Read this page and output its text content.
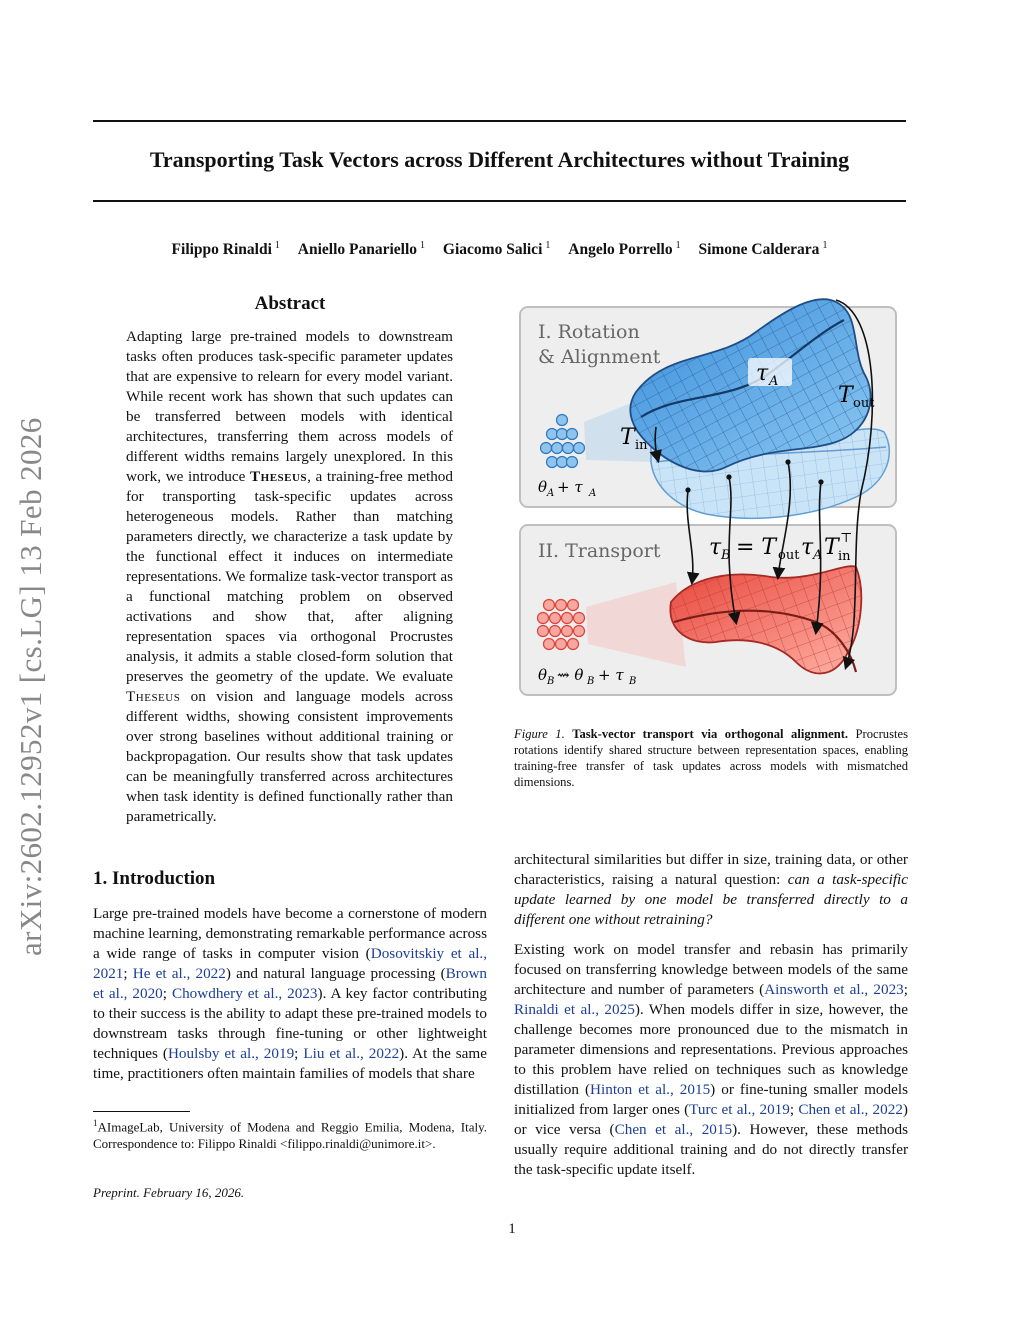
Transporting Task Vectors across Different Architectures without Training
Filippo Rinaldi $^1$ Aniello Panariello $^1$ Giacomo Salici $^1$ Angelo Porrello $^1$ Simone Calderara $^1$
arXiv:2602.12952v1 [cs.LG] 13 Feb 2026
Abstract

Adapting large pre-trained models to downstream tasks often produces task-specific parameter updates that are expensive to relearn for every model variant. While recent work has shown that such updates can be transferred between models with identical architectures, transferring them across models of different widths remains largely unexplored. In this work, we introduce Theseus, a training-free method for transporting task-specific updates across heterogeneous models. Rather than matching parameters directly, we characterize a task update by the functional effect it induces on intermediate representations. We formalize task-vector transport as a functional matching problem on observed activations and show that, after aligning representation spaces via orthogonal Procrustes analysis, it admits a stable closed-form solution that preserves the geometry of the update. We evaluate Theseus on vision and language models across different widths, showing consistent improvements over strong baselines without additional training or backpropagation. Our results show that task updates can be meaningfully transferred across architectures when task identity is defined functionally rather than parametrically.

1. Introduction

Large pre-trained models have become a cornerstone of modern machine learning, demonstrating remarkable performance across a wide range of tasks in computer vision (Dosovitskiy et al., 2021; He et al., 2022) and natural language processing (Brown et al., 2020; Chowdhery et al., 2023). A key factor contributing to their success is the ability to adapt these pre-trained models to downstream tasks through fine-tuning or other lightweight techniques (Houlsby et al., 2019; Liu et al., 2022). At the same time, practitioners often maintain families of models that share

$^1$AImageLab, University of Modena and Reggio Emilia, Modena, Italy. Correspondence to: Filippo Rinaldi <filippo.rinaldi@unimore.it>.

Preprint. February 16, 2026.

I. Rotation
& Alignment
II. Transport
τ A
T out
T in
θ A + τ A
τ B = T out τ A T ⊤
in
θ B ⇝ θ B + τ B

Figure 1. Task-vector transport via orthogonal alignment. Procrustes rotations identify shared structure between representation spaces, enabling training-free transfer of task updates across models with mismatched dimensions.

architectural similarities but differ in size, training data, or other characteristics, raising a natural question: can a task-specific update learned by one model be transferred directly to a different one without retraining?

Existing work on model transfer and rebasin has primarily focused on transferring knowledge between models of the same architecture and number of parameters (Ainsworth et al., 2023; Rinaldi et al., 2025). When models differ in size, however, the challenge becomes more pronounced due to the mismatch in parameter dimensions and representations. Previous approaches to this problem have relied on techniques such as knowledge distillation (Hinton et al., 2015) or fine-tuning smaller models initialized from larger ones (Turc et al., 2019; Chen et al., 2022) or vice versa (Chen et al., 2015). However, these methods usually require additional training and do not directly transfer the task-specific update itself.

1
